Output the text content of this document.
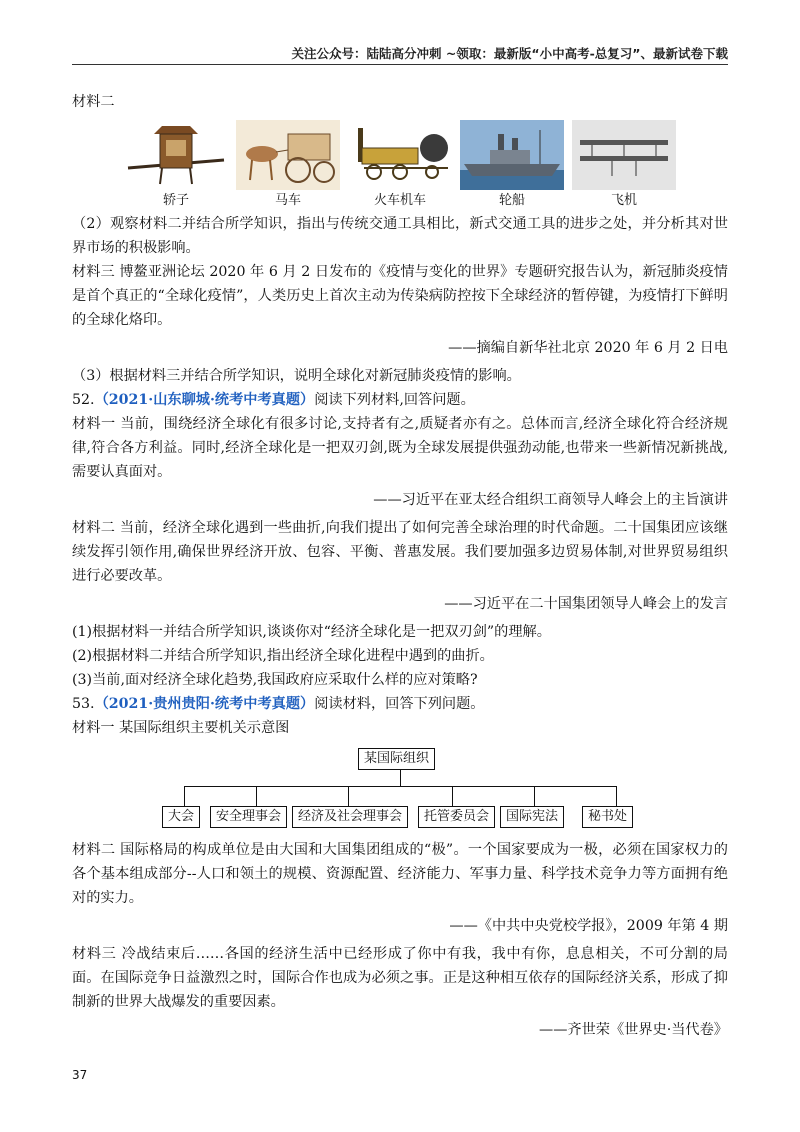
关注公众号：陆陆高分冲刺 ~领取：最新版“小中高考-总复习”、最新试卷下载

材料二

轿子	马车	火车机车	轮船	飞机

（2）观察材料二并结合所学知识，指出与传统交通工具相比，新式交通工具的进步之处，并分析其对世界市场的积极影响。

材料三 博鳌亚洲论坛 2020 年 6 月 2 日发布的《疫情与变化的世界》专题研究报告认为，新冠肺炎疫情是首个真正的“全球化疫情”，人类历史上首次主动为传染病防控按下全球经济的暂停键，为疫情打下鲜明的全球化烙印。

——摘编自新华社北京 2020 年 6 月 2 日电

（3）根据材料三并结合所学知识，说明全球化对新冠肺炎疫情的影响。

52.（2021·山东聊城·统考中考真题）阅读下列材料,回答问题。

材料一 当前，围绕经济全球化有很多讨论,支持者有之,质疑者亦有之。总体而言,经济全球化符合经济规律,符合各方利益。同时,经济全球化是一把双刃剑,既为全球发展提供强劲动能,也带来一些新情况新挑战,需要认真面对。

——习近平在亚太经合组织工商领导人峰会上的主旨演讲

材料二 当前，经济全球化遇到一些曲折,向我们提出了如何完善全球治理的时代命题。二十国集团应该继续发挥引领作用,确保世界经济开放、包容、平衡、普惠发展。我们要加强多边贸易体制,对世界贸易组织进行必要改革。

——习近平在二十国集团领导人峰会上的发言

(1)根据材料一并结合所学知识,谈谈你对“经济全球化是一把双刃剑”的理解。

(2)根据材料二并结合所学知识,指出经济全球化进程中遇到的曲折。

(3)当前,面对经济全球化趋势,我国政府应采取什么样的应对策略?

53.（2021·贵州贵阳·统考中考真题）阅读材料，回答下列问题。

材料一 某国际组织主要机关示意图

某国际组织
大会	安全理事会	经济及社会理事会	托管委员会	国际宪法	秘书处

材料二 国际格局的构成单位是由大国和大国集团组成的“极”。一个国家要成为一极，必须在国家权力的各个基本组成部分--人口和领土的规模、资源配置、经济能力、军事力量、科学技术竞争力等方面拥有绝对的实力。

——《中共中央党校学报》，2009 年第 4 期

材料三 冷战结束后……各国的经济生活中已经形成了你中有我，我中有你，息息相关，不可分割的局面。在国际竞争日益激烈之时，国际合作也成为必须之事。正是这种相互依存的国际经济关系，形成了抑制新的世界大战爆发的重要因素。

——齐世荣《世界史·当代卷》

37
